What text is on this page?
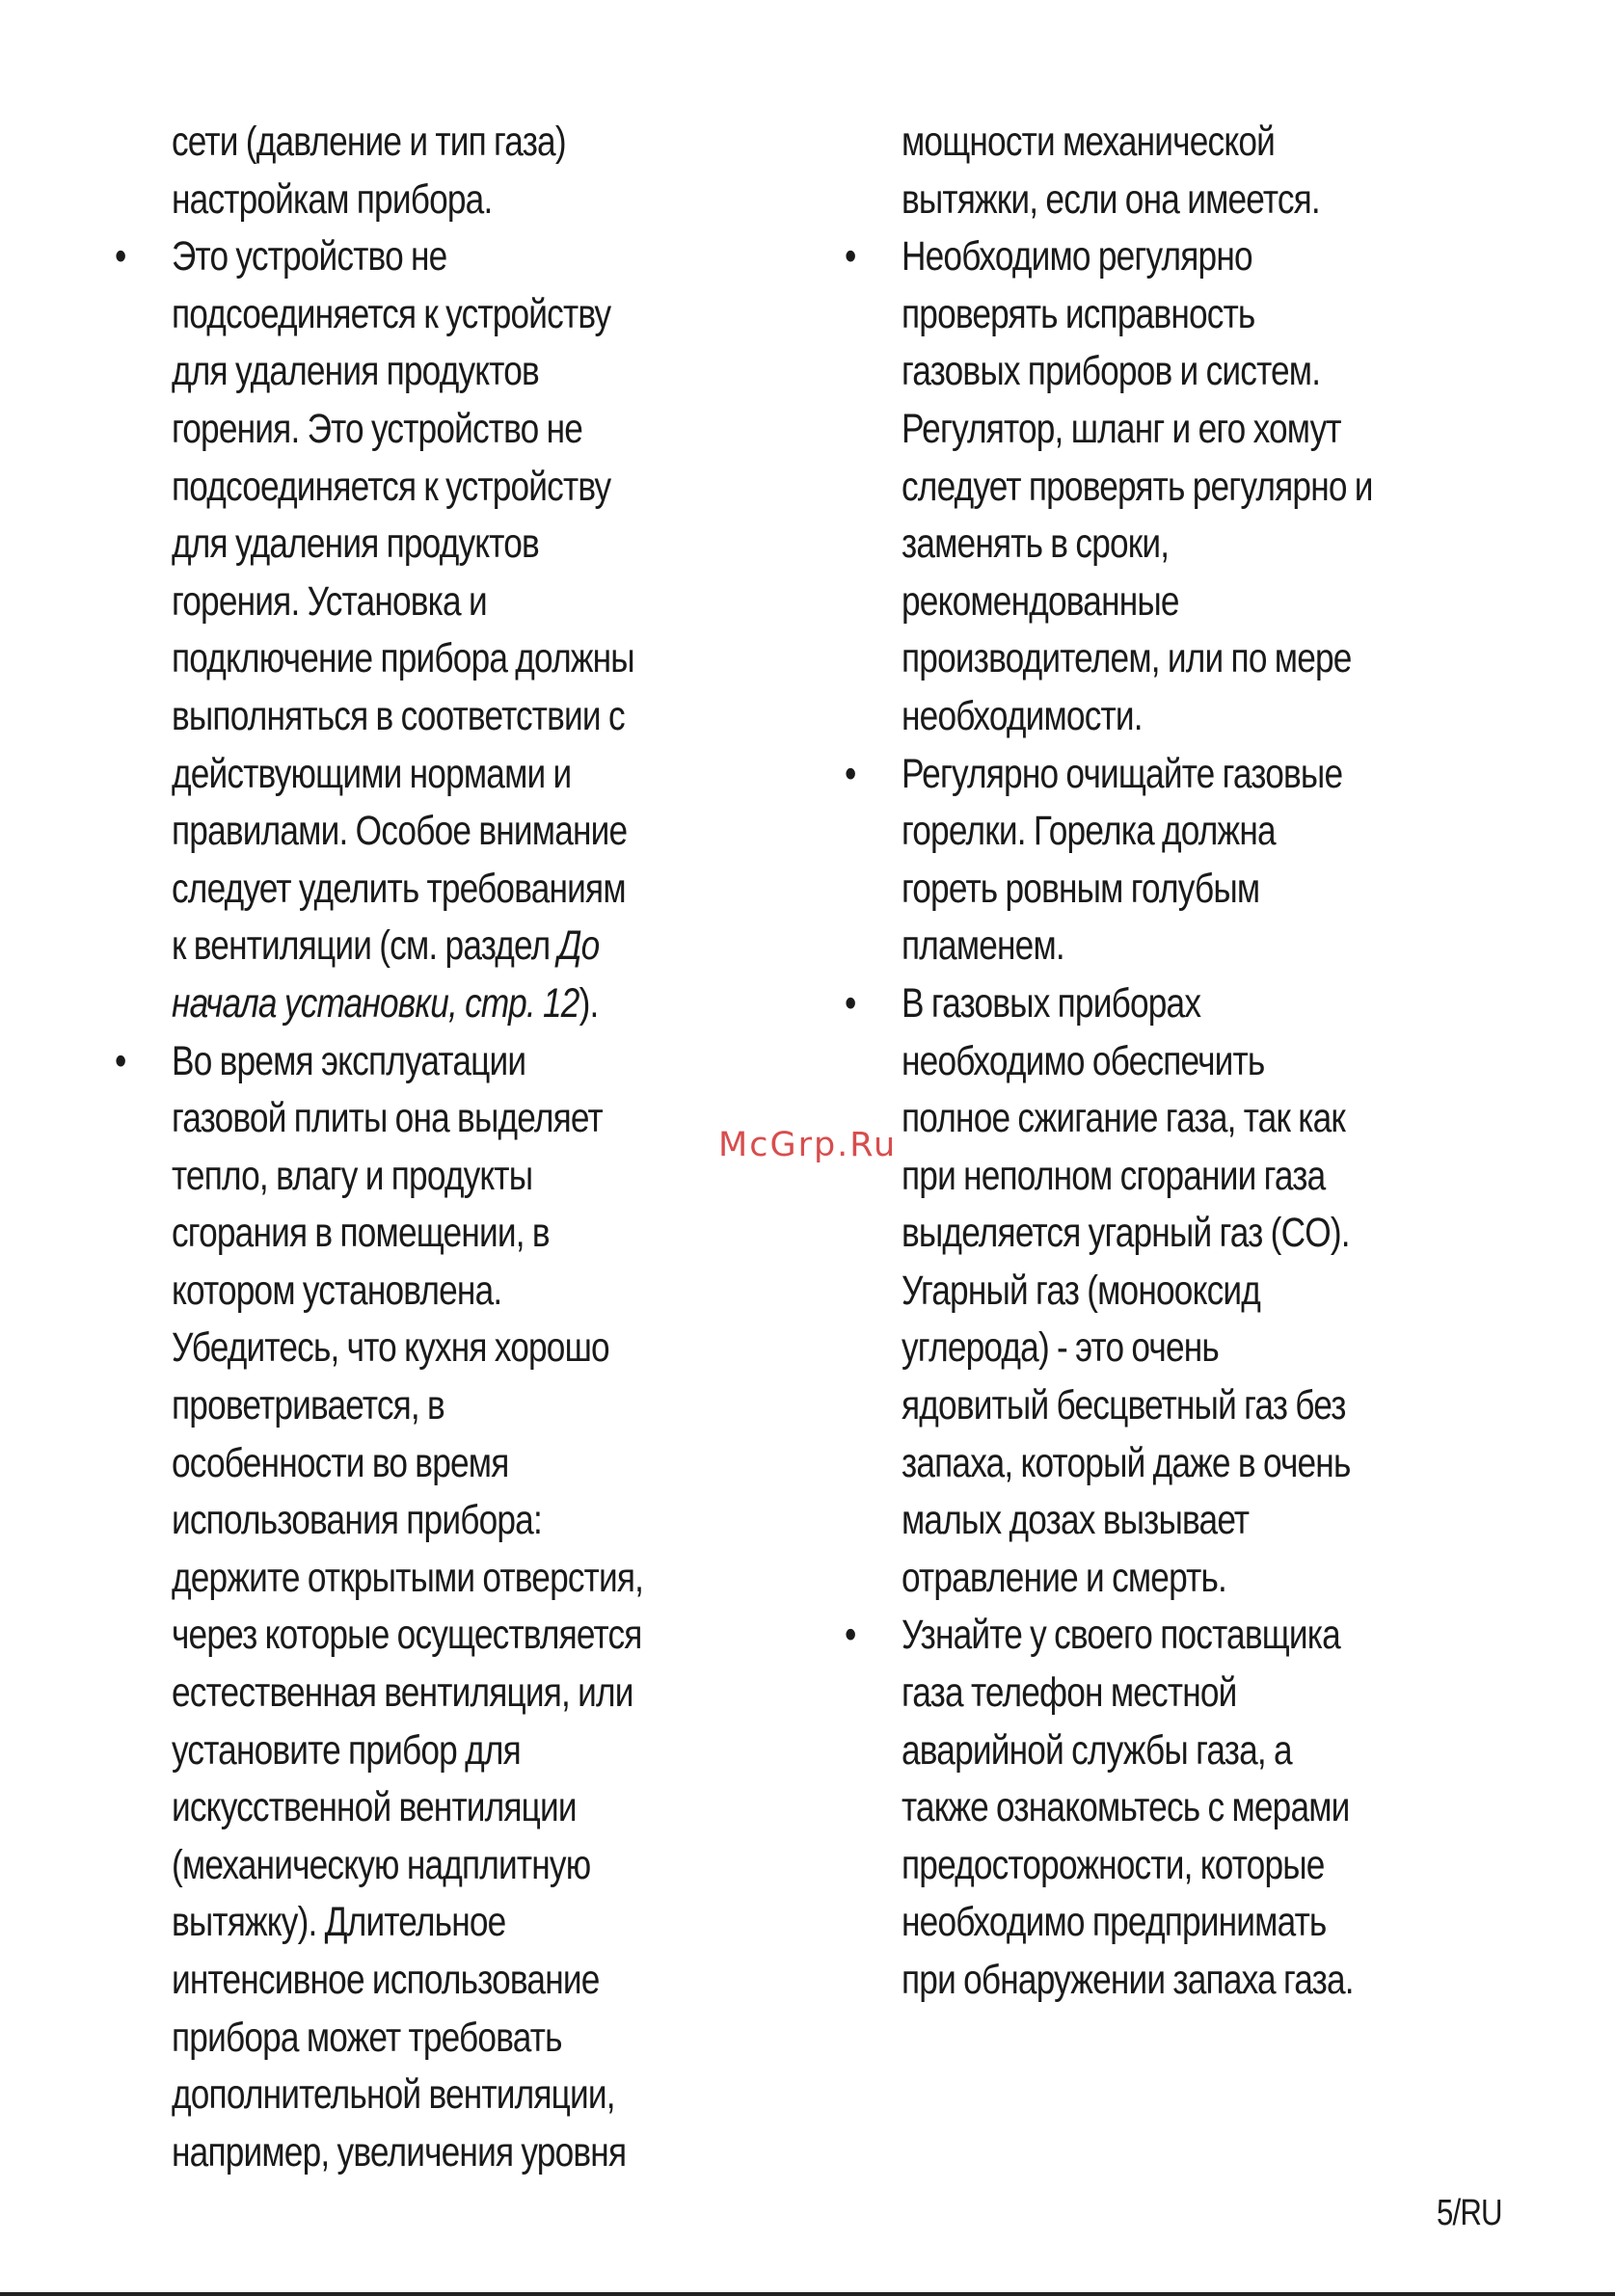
сети (давление и тип газа)
настройкам прибора.
•	Это устройство не
подсоединяется к устройству
для удаления продуктов
горения. Это устройство не
подсоединяется к устройству
для удаления продуктов
горения. Установка и
подключение прибора должны
выполняться в соответствии с
действующими нормами и
правилами. Особое внимание
следует уделить требованиям
к вентиляции (см. раздел До
начала установки, стр. 12).
•	Во время эксплуатации
газовой плиты она выделяет
тепло, влагу и продукты
сгорания в помещении, в
котором установлена.
Убедитесь, что кухня хорошо
проветривается, в
особенности во время
использования прибора:
держите открытыми отверстия,
через которые осуществляется
естественная вентиляция, или
установите прибор для
искусственной вентиляции
(механическую надплитную
вытяжку). Длительное
интенсивное использование
прибора может требовать
дополнительной вентиляции,
например, увеличения уровня
мощности механической
вытяжки, если она имеется.
•	Необходимо регулярно
проверять исправность
газовых приборов и систем.
Регулятор, шланг и его хомут
следует проверять регулярно и
заменять в сроки,
рекомендованные
производителем, или по мере
необходимости.
•	Регулярно очищайте газовые
горелки. Горелка должна
гореть ровным голубым
пламенем.
•	В газовых приборах
необходимо обеспечить
полное сжигание газа, так как
при неполном сгорании газа
выделяется угарный газ (CO).
Угарный газ (монооксид
углерода) - это очень
ядовитый бесцветный газ без
запаха, который даже в очень
малых дозах вызывает
отравление и смерть.
•	Узнайте у своего поставщика
газа телефон местной
аварийной службы газа, а
также ознакомьтесь с мерами
предосторожности, которые
необходимо предпринимать
при обнаружении запаха газа.
McGrp.Ru
5/RU
